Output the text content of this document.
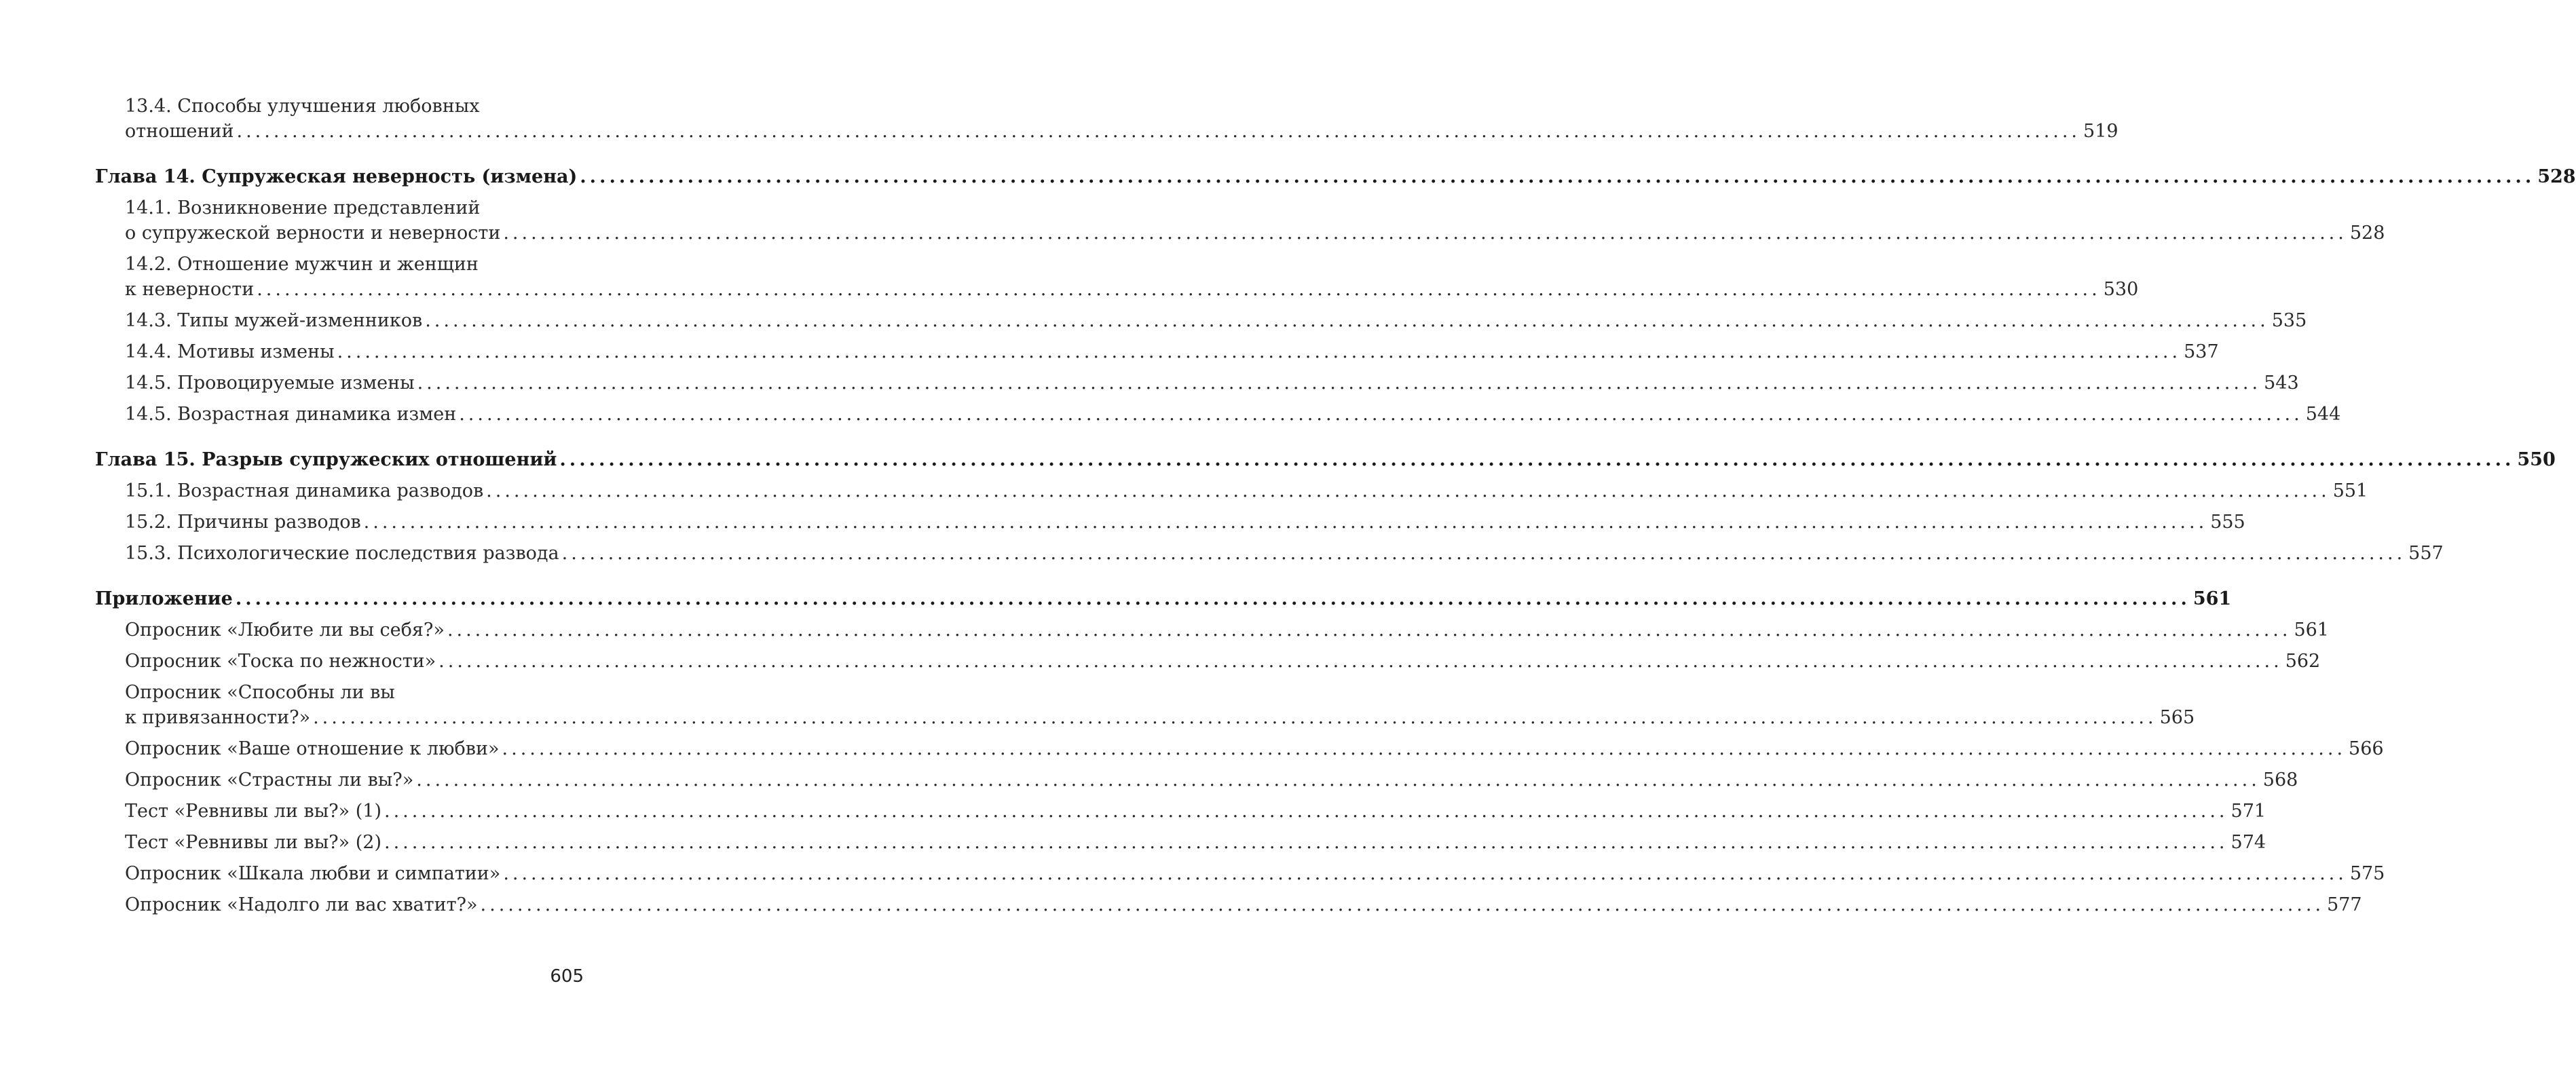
13.4. Способы улучшения любовных
отношений .....	519
Глава 14. Супружеская неверность (измена) .....	528
14.1. Возникновение представлений
о супружеской верности и неверности .....	528
14.2. Отношение мужчин и женщин
к неверности .....	530
14.3. Типы мужей-изменников .....	535
14.4. Мотивы измены .....	537
14.5. Провоцируемые измены .....	543
14.5. Возрастная динамика измен .....	544
Глава 15. Разрыв супружеских отношений .....	550
15.1. Возрастная динамика разводов .....	551
15.2. Причины разводов .....	555
15.3. Психологические последствия развода .....	557
Приложение .....	561
Опросник «Любите ли вы себя?» .....	561
Опросник «Тоска по нежности» .....	562
Опросник «Способны ли вы
к привязанности?» .....	565
Опросник «Ваше отношение к любви» .....	566
Опросник «Страстны ли вы?» .....	568
Тест «Ревнивы ли вы?» (1) .....	571
Тест «Ревнивы ли вы?» (2) .....	574
Опросник «Шкала любви и симпатии» .....	575
Опросник «Надолго ли вас хватит?» .....	577
605
